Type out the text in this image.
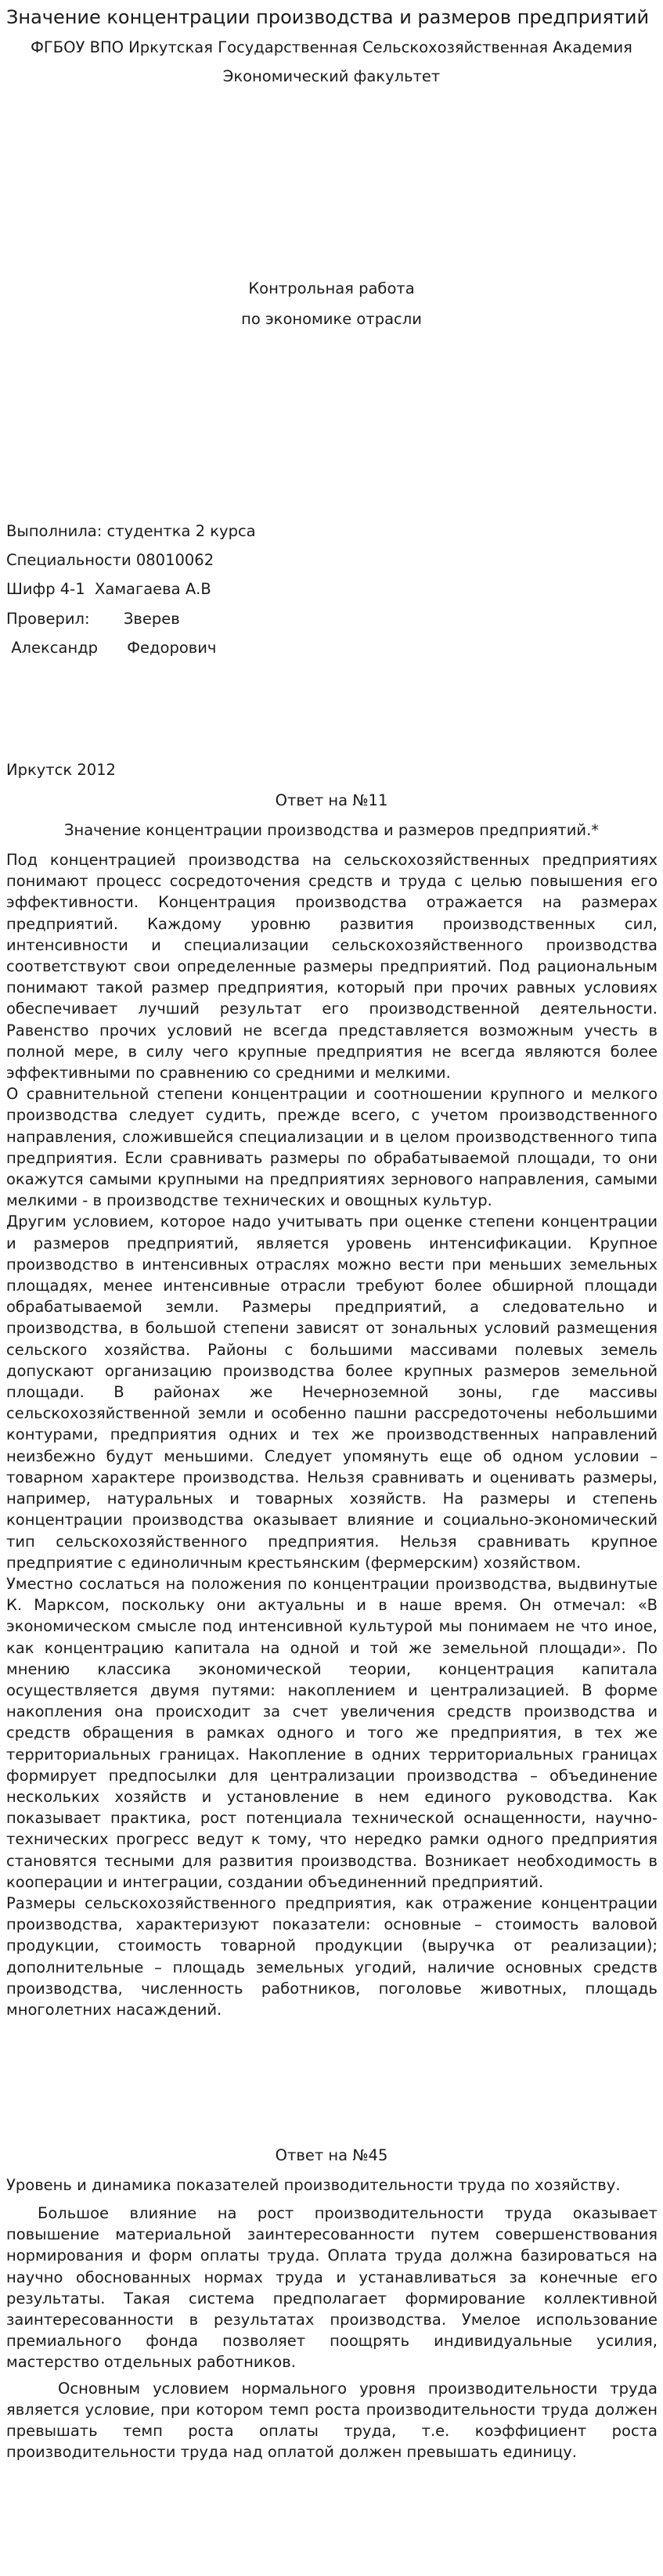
Значение концентрации производства и размеров предприятий
ФГБОУ ВПО Иркутская Государственная Сельскохозяйственная Академия
Экономический факультет
Контрольная работа
по экономике отрасли
Выполнила: студентка 2 курса
Специальности 08010062
Шифр 4-1  Хамагаева А.В
Проверил:       Зверев
Александр      Федорович
Иркутск 2012
Ответ на №11
Значение концентрации производства и размеров предприятий.*

Под концентрацией производства на сельскохозяйственных предприятиях понимают процесс сосредоточения средств и труда с целью повышения его эффективности. Концентрация производства отражается на размерах предприятий. Каждому уровню развития производственных сил, интенсивности и специализации сельскохозяйственного производства соответствуют свои определенные размеры предприятий. Под рациональным понимают такой размер предприятия, который при прочих равных условиях обеспечивает лучший результат его производственной деятельности. Равенство прочих условий не всегда представляется возможным учесть в полной мере, в силу чего крупные предприятия не всегда являются более эффективными по сравнению со средними и мелкими.

О сравнительной степени концентрации и соотношении крупного и мелкого производства следует судить, прежде всего, с учетом производственного направления, сложившейся специализации и в целом производственного типа предприятия. Если сравнивать размеры по обрабатываемой площади, то они окажутся самыми крупными на предприятиях зернового направления, самыми мелкими - в производстве технических и овощных культур.

Другим условием, которое надо учитывать при оценке степени концентрации и размеров предприятий, является уровень интенсификации. Крупное производство в интенсивных отраслях можно вести при меньших земельных площадях, менее интенсивные отрасли требуют более обширной площади обрабатываемой земли. Размеры предприятий, а следовательно и производства, в большой степени зависят от зональных условий размещения сельского хозяйства. Районы с большими массивами полевых земель допускают организацию производства более крупных размеров земельной площади. В районах же Нечерноземной зоны, где массивы сельскохозяйственной земли и особенно пашни рассредоточены небольшими контурами, предприятия одних и тех же производственных направлений неизбежно будут меньшими. Следует упомянуть еще об одном условии – товарном характере производства. Нельзя сравнивать и оценивать размеры, например, натуральных и товарных хозяйств. На размеры и степень концентрации производства оказывает влияние и социально-экономический тип сельскохозяйственного предприятия. Нельзя сравнивать крупное предприятие с единоличным крестьянским (фермерским) хозяйством.

Уместно сослаться на положения по концентрации производства, выдвинутые К. Марксом, поскольку они актуальны и в наше время. Он отмечал: «В экономическом смысле под интенсивной культурой мы понимаем не что иное, как концентрацию капитала на одной и той же земельной площади». По мнению классика экономической теории, концентрация капитала осуществляется двумя путями: накоплением и централизацией. В форме накопления она происходит за счет увеличения средств производства и средств обращения в рамках одного и того же предприятия, в тех же территориальных границах. Накопление в одних территориальных границах формирует предпосылки для централизации производства – объединение нескольких хозяйств и установление в нем единого руководства. Как показывает практика, рост потенциала технической оснащенности, научно-технических прогресс ведут к тому, что нередко рамки одного предприятия становятся тесными для развития производства. Возникает необходимость в кооперации и интеграции, создании объединенний предприятий.

Размеры сельскохозяйственного предприятия, как отражение концентрации производства, характеризуют показатели: основные – стоимость валовой продукции, стоимость товарной продукции (выручка от реализации); дополнительные – площадь земельных угодий, наличие основных средств производства, численность работников, поголовье животных, площадь многолетних насаждений.

Ответ на №45
Уровень и динамика показателей производительности труда по хозяйству.

Большое влияние на рост производительности труда оказывает повышение материальной заинтересованности путем совершенствования нормирования и форм оплаты труда. Оплата труда должна базироваться на научно обоснованных нормах труда и устанавливаться за конечные его результаты. Такая система предполагает формирование коллективной заинтересованности в результатах производства. Умелое использование премиального фонда позволяет поощрять индивидуальные усилия, мастерство отдельных работников.

Основным условием нормального уровня производительности труда является условие, при котором темп роста производительности труда должен превышать темп роста оплаты труда, т.е. коэффициент роста производительности труда над оплатой должен превышать единицу.
